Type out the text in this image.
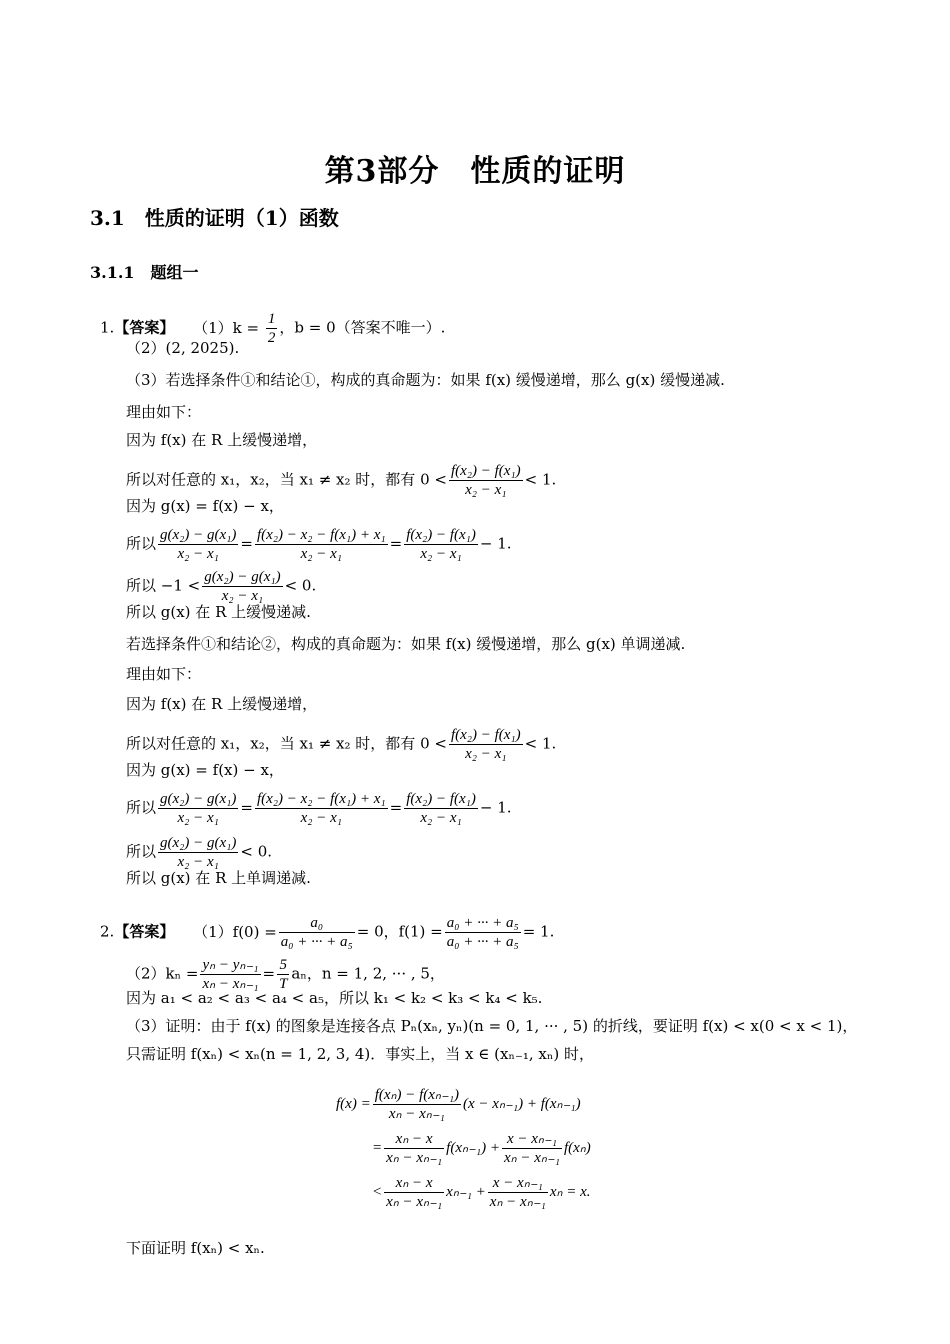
第3部分　性质的证明
3.1　性质的证明（1）函数
3.1.1　题组一
1.【答案】 $(1)k = \frac{1}{2}$ ，b = 0（答案不唯一）.
（2）(2, 2025).
（3）若选择条件①和结论①，构成的真命题为：如果 f(x) 缓慢递增，那么 g(x) 缓慢递减.
理由如下：
因为 f(x) 在 R 上缓慢递增，
所以对任意的 x₁，x₂，当 x₁ ≠ x₂ 时，都有 $0 < \frac{\text{f(x₂) − f(x₁)}}{\text{x₂ − x₁}} < 1$.
因为 g(x) = f(x) − x，
所以 $\frac{\text{g(x₂) − g(x₁)}}{\text{x₂ − x₁}} = \frac{\text{f(x₂) − x₂ − f(x₁) + x₁}}{\text{x₂ − x₁}} = \frac{\text{f(x₂) − f(x₁)}}{\text{x₂ − x₁}} - 1$.
所以 $-1 < \frac{\text{g(x₂) − g(x₁)}}{\text{x₂ − x₁}} < 0$.
所以 g(x) 在 R 上缓慢递减.
若选择条件①和结论②，构成的真命题为：如果 f(x) 缓慢递增，那么 g(x) 单调递减.
理由如下：
因为 f(x) 在 R 上缓慢递增，
所以对任意的 x₁，x₂，当 x₁ ≠ x₂ 时，都有 $0 < \frac{\text{f(x₂) − f(x₁)}}{\text{x₂ − x₁}} < 1$.
因为 g(x) = f(x) − x，
所以 $\frac{\text{g(x₂) − g(x₁)}}{\text{x₂ − x₁}} = \frac{\text{f(x₂) − x₂ − f(x₁) + x₁}}{\text{x₂ − x₁}} = \frac{\text{f(x₂) − f(x₁)}}{\text{x₂ − x₁}} - 1$.
所以 $\frac{\text{g(x₂) − g(x₁)}}{\text{x₂ − x₁}} < 0$.
所以 g(x) 在 R 上单调递减.
2.【答案】 $(1)f(0) = \frac{\text{a₀}}{\text{a₀ + ··· + a₅}} = 0$，$f(1) = \frac{\text{a₀ + ··· + a₅}}{\text{a₀ + ··· + a₅}} = 1$.
$(2)k_n = \frac{\text{yₙ − yₙ₋₁}}{\text{xₙ − xₙ₋₁}} = \frac{5}{T}$ aₙ，n = 1, 2, ··· , 5，
因为 a₁ < a₂ < a₃ < a₄ < a₅，所以 k₁ < k₂ < k₃ < k₄ < k₅.
（3）证明：由于 f(x) 的图象是连接各点 Pₙ(xₙ, yₙ)(n = 0, 1, ··· , 5) 的折线，要证明 f(x) < x(0 < x < 1)，
只需证明 f(xₙ) < xₙ(n = 1, 2, 3, 4)．事实上，当 x ∈ (xₙ₋₁, xₙ) 时，
$f(x) = \frac{\text{f(xₙ) − f(xₙ₋₁)}}{\text{xₙ − xₙ₋₁}} (x - x_{n-1}) + f(x_{n-1})$
= $\frac{\text{xₙ − x}}{\text{xₙ − xₙ₋₁}} f(x_{n-1}) + \frac{\text{x − xₙ₋₁}}{\text{xₙ − xₙ₋₁}} f(x_n)$
< $\frac{\text{xₙ − x}}{\text{xₙ − xₙ₋₁}} x_{n-1} + \frac{\text{x − xₙ₋₁}}{\text{xₙ − xₙ₋₁}}$ xₙ = x.
下面证明 f(xₙ) < xₙ.
